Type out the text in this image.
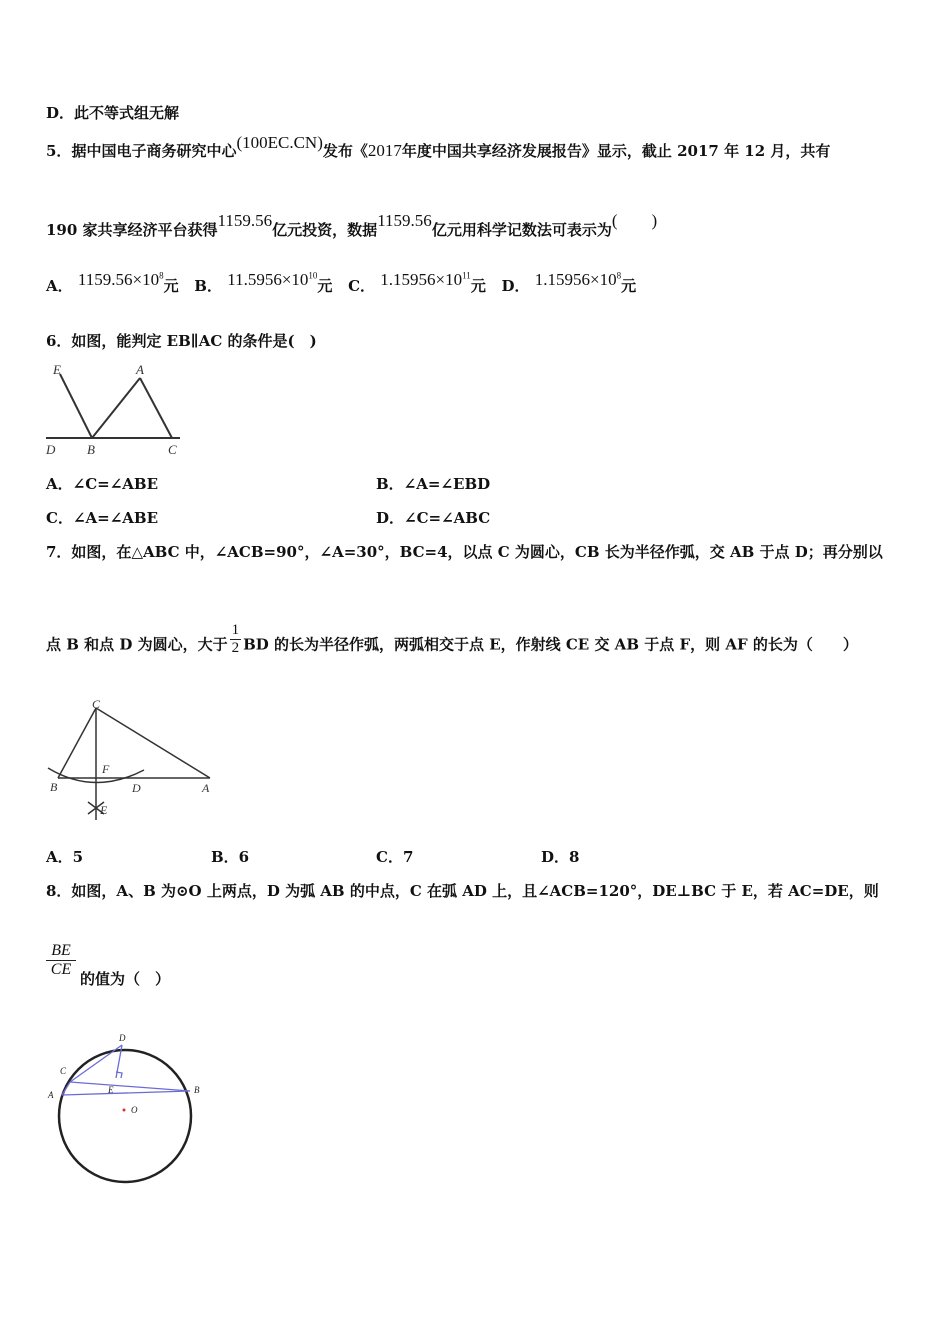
D．此不等式组无解
5．据中国电子商务研究中心(100EC.CN)发布《2017年度中国共享经济发展报告》显示，截止 2017 年 12 月，共有
190 家共享经济平台获得1159.56亿元投资，数据1159.56亿元用科学记数法可表示为(　　)
A． $1159.56\times 10^8$元 B． $11.5956\times 10^{10}$元 C． $1.15956\times 10^{11}$元 D． $1.15956\times 10^8$元
6．如图，能判定 EB∥AC 的条件是(　)
E	A
D B	C
A．∠C=∠ABE	B．∠A=∠EBD
C．∠A=∠ABE	D．∠C=∠ABC
7．如图，在△ABC 中，∠ACB=90°，∠A=30°，BC=4，以点 C 为圆心，CB 长为半径作弧，交 AB 于点 D；再分别以
点 B 和点 D 为圆心，大于 $\frac{1}{2}$ BD 的长为半径作弧，两弧相交于点 E，作射线 CE 交 AB 于点 F，则 AF 的长为（　　）
C
F
B	D	A
E
A．5	B．6	C．7	D．8
8．如图，A、B 为⊙O 上两点，D 为弧 AB 的中点，C 在弧 AD 上，且∠ACB=120°，DE⊥BC 于 E，若 AC=DE，则
$\frac{BE}{CE}$ 的值为（　）
D
C
A	E	B
O
